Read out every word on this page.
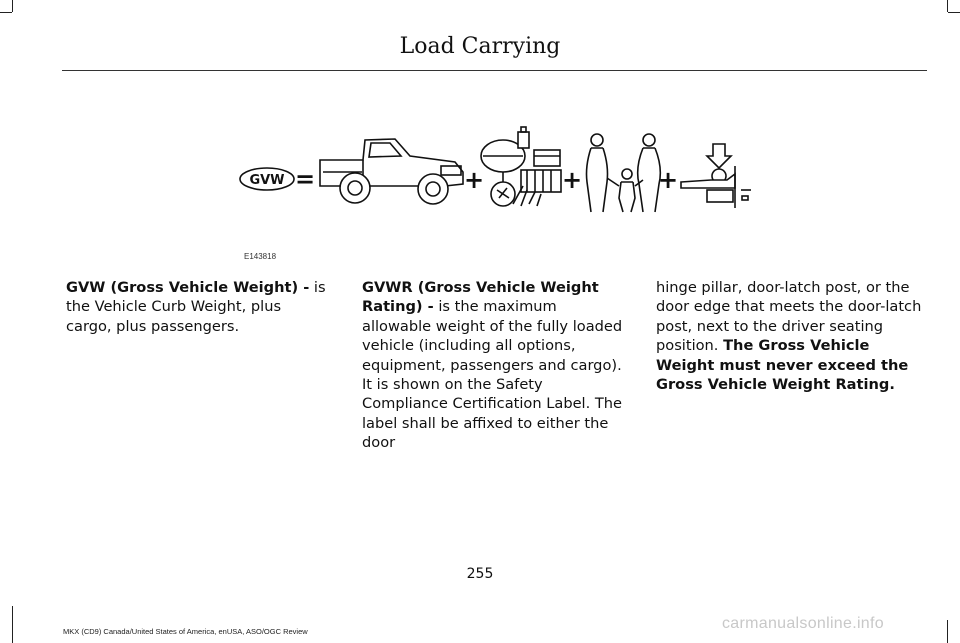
Load Carrying
GVW =	+	+	+
E143818
GVW (Gross Vehicle Weight) - is the Vehicle Curb Weight, plus cargo, plus passengers.
GVWR (Gross Vehicle Weight Rating) - is the maximum allowable weight of the fully loaded vehicle (including all options, equipment, passengers and cargo). It is shown on the Safety Compliance Certification Label. The label shall be affixed to either the door
hinge pillar, door-latch post, or the door edge that meets the door-latch post, next to the driver seating position. The Gross Vehicle Weight must never exceed the Gross Vehicle Weight Rating.
255
MKX (CD9) Canada/United States of America, enUSA, ASO/OGC Review	carmanualsonline.info
